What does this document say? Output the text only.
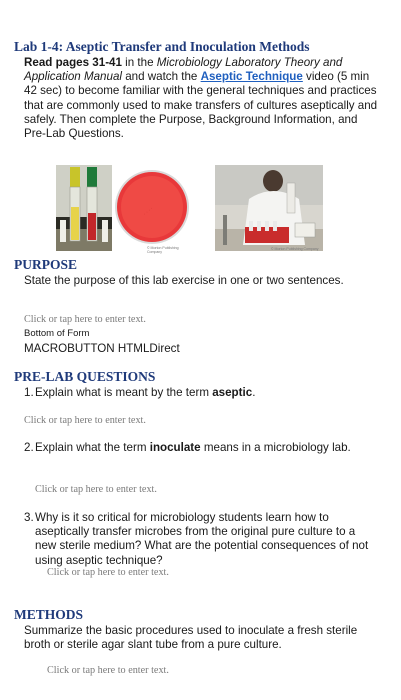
Lab 1-4: Aseptic Transfer and Inoculation Methods
Read pages 31-41 in the Microbiology Laboratory Theory and Application Manual and watch the Aseptic Technique video (5 min 42 sec) to become familiar with the general techniques and practices that are commonly used to make transfers of cultures aseptically and safely. Then complete the Purpose, Background Information, and Pre-Lab Questions.
· · · ·
© Morton Publishing Company
© Morton Publishing Company
PURPOSE
State the purpose of this lab exercise in one or two sentences.
Click or tap here to enter text.
Bottom of Form
MACROBUTTON HTMLDirect
PRE-LAB QUESTIONS
1. Explain what is meant by the term aseptic.
Click or tap here to enter text.
2. Explain what the term inoculate means in a microbiology lab.
Click or tap here to enter text.
3. Why is it so critical for microbiology students learn how to aseptically transfer microbes from the original pure culture to a new sterile medium? What are the potential consequences of not using aseptic technique?
Click or tap here to enter text.
METHODS
Summarize the basic procedures used to inoculate a fresh sterile broth or sterile agar slant tube from a pure culture.
Click or tap here to enter text.
